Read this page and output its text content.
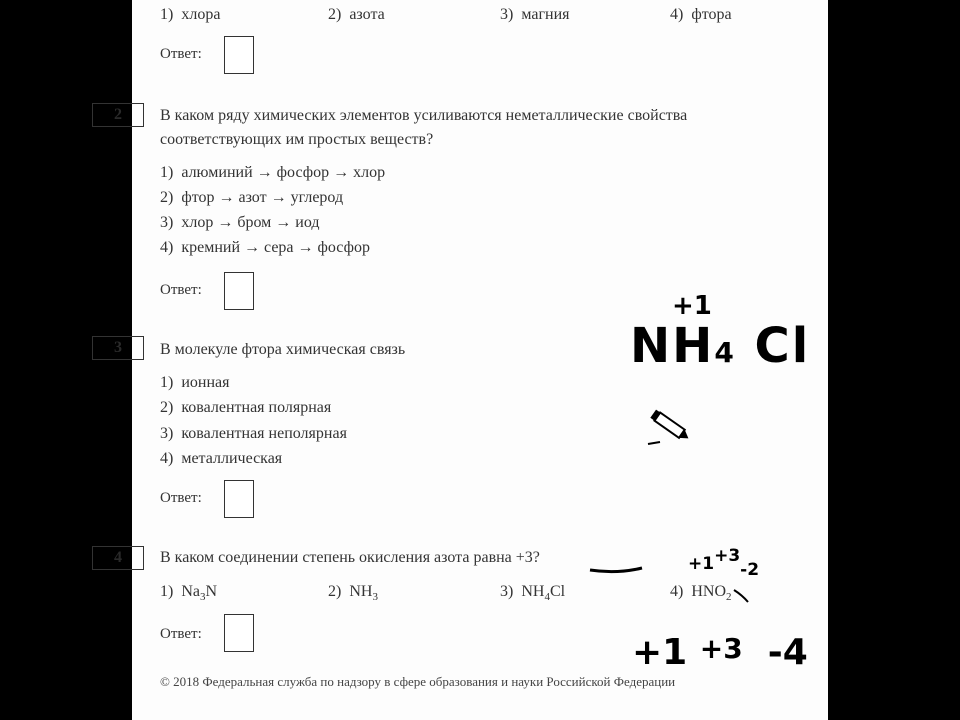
1) хлора	2) азота	3) магния	4) фтора
Ответ:
2	В каком ряду химических элементов усиливаются неметаллические свойства
соответствующих им простых веществ?
1) алюминий → фосфор → хлор
2) фтор → азот → углерод
3) хлор → бром → иод
4) кремний → сера → фосфор
Ответ:
3	В молекуле фтора химическая связь
1) ионная
2) ковалентная полярная
3) ковалентная неполярная
4) металлическая
Ответ:
4	В каком соединении степень окисления азота равна +3?
1) $Na_3N$	2) $NH_3$	3) $NH_4Cl$	4) $HNO_2$
Ответ:
© 2018 Федеральная служба по надзору в сфере образования и науки Российской Федерации
+1
NH4 Cl
+1+3-2
+1 +3 -4
